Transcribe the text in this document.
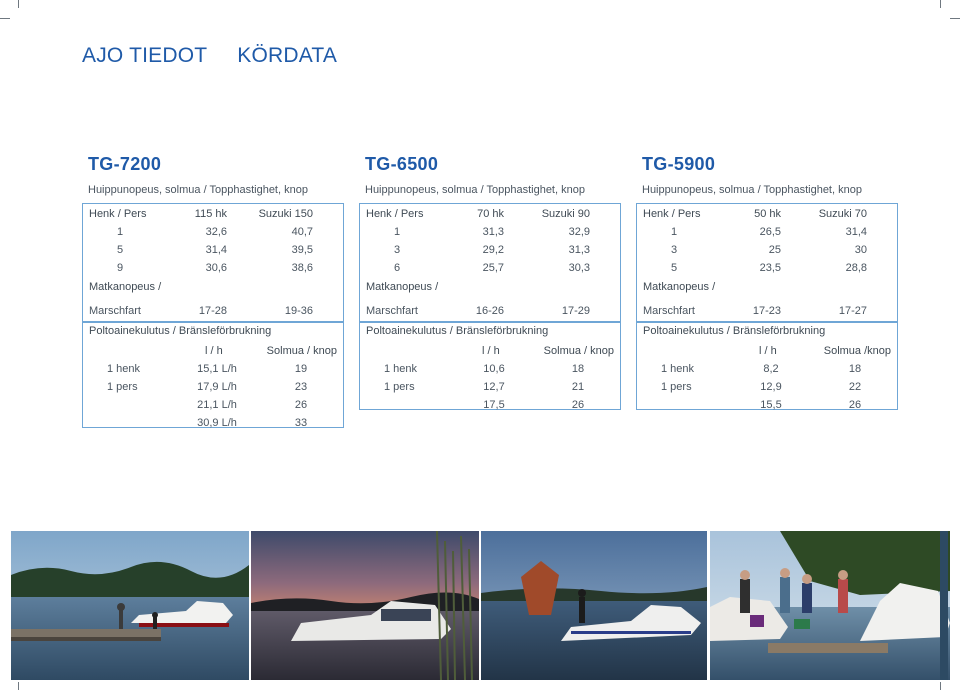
AJO TIEDOT KÖRDATA
TG-7200
Huippunopeus, solmua / Topphastighet, knop
Henk / Pers	115 hk	Suzuki 150
1	32,6	40,7
5	31,4	39,5
9	30,6	38,6
Matkanopeus /
Marschfart	17-28	19-36
Poltoainekulutus / Bränsleförbrukning
l / h	Solmua / knop
1 henk	15,1 L/h	19
1 pers	17,9 L/h	23
21,1 L/h	26
30,9 L/h	33
TG-6500
Huippunopeus, solmua / Topphastighet, knop
Henk / Pers	70 hk	Suzuki 90
1	31,3	32,9
3	29,2	31,3
6	25,7	30,3
Matkanopeus /
Marschfart	16-26	17-29
Poltoainekulutus / Bränsleförbrukning
l / h	Solmua / knop
1 henk	10,6	18
1 pers	12,7	21
17,5	26
TG-5900
Huippunopeus, solmua / Topphastighet, knop
Henk / Pers	50 hk	Suzuki 70
1	26,5	31,4
3	25	30
5	23,5	28,8
Matkanopeus /
Marschfart	17-23	17-27
Poltoainekulutus / Bränsleförbrukning
l / h	Solmua /knop
1 henk	8,2	18
1 pers	12,9	22
15,5	26
